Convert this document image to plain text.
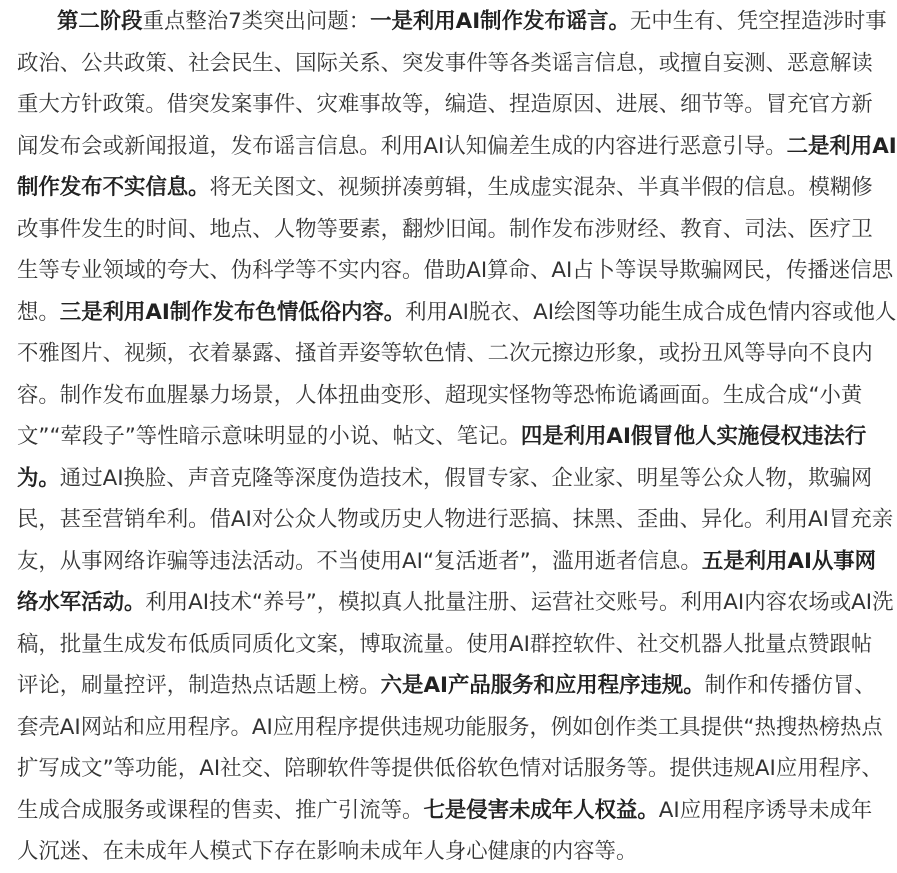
第二阶段重点整治7类突出问题：一是利用AI制作发布谣言。无中生有、凭空捏造涉时事
政治、公共政策、社会民生、国际关系、突发事件等各类谣言信息，或擅自妄测、恶意解读
重大方针政策。借突发案事件、灾难事故等，编造、捏造原因、进展、细节等。冒充官方新
闻发布会或新闻报道，发布谣言信息。利用AI认知偏差生成的内容进行恶意引导。二是利用AI
制作发布不实信息。将无关图文、视频拼凑剪辑，生成虚实混杂、半真半假的信息。模糊修
改事件发生的时间、地点、人物等要素，翻炒旧闻。制作发布涉财经、教育、司法、医疗卫
生等专业领域的夸大、伪科学等不实内容。借助AI算命、AI占卜等误导欺骗网民，传播迷信思
想。三是利用AI制作发布色情低俗内容。利用AI脱衣、AI绘图等功能生成合成色情内容或他人
不雅图片、视频，衣着暴露、搔首弄姿等软色情、二次元擦边形象，或扮丑风等导向不良内
容。制作发布血腥暴力场景，人体扭曲变形、超现实怪物等恐怖诡谲画面。生成合成“小黄
文”“荤段子”等性暗示意味明显的小说、帖文、笔记。四是利用AI假冒他人实施侵权违法行
为。通过AI换脸、声音克隆等深度伪造技术，假冒专家、企业家、明星等公众人物，欺骗网
民，甚至营销牟利。借AI对公众人物或历史人物进行恶搞、抹黑、歪曲、异化。利用AI冒充亲
友，从事网络诈骗等违法活动。不当使用AI“复活逝者”，滥用逝者信息。五是利用AI从事网
络水军活动。利用AI技术“养号”，模拟真人批量注册、运营社交账号。利用AI内容农场或AI洗
稿，批量生成发布低质同质化文案，博取流量。使用AI群控软件、社交机器人批量点赞跟帖
评论，刷量控评，制造热点话题上榜。六是AI产品服务和应用程序违规。制作和传播仿冒、
套壳AI网站和应用程序。AI应用程序提供违规功能服务，例如创作类工具提供“热搜热榜热点
扩写成文”等功能，AI社交、陪聊软件等提供低俗软色情对话服务等。提供违规AI应用程序、
生成合成服务或课程的售卖、推广引流等。七是侵害未成年人权益。AI应用程序诱导未成年
人沉迷、在未成年人模式下存在影响未成年人身心健康的内容等。
